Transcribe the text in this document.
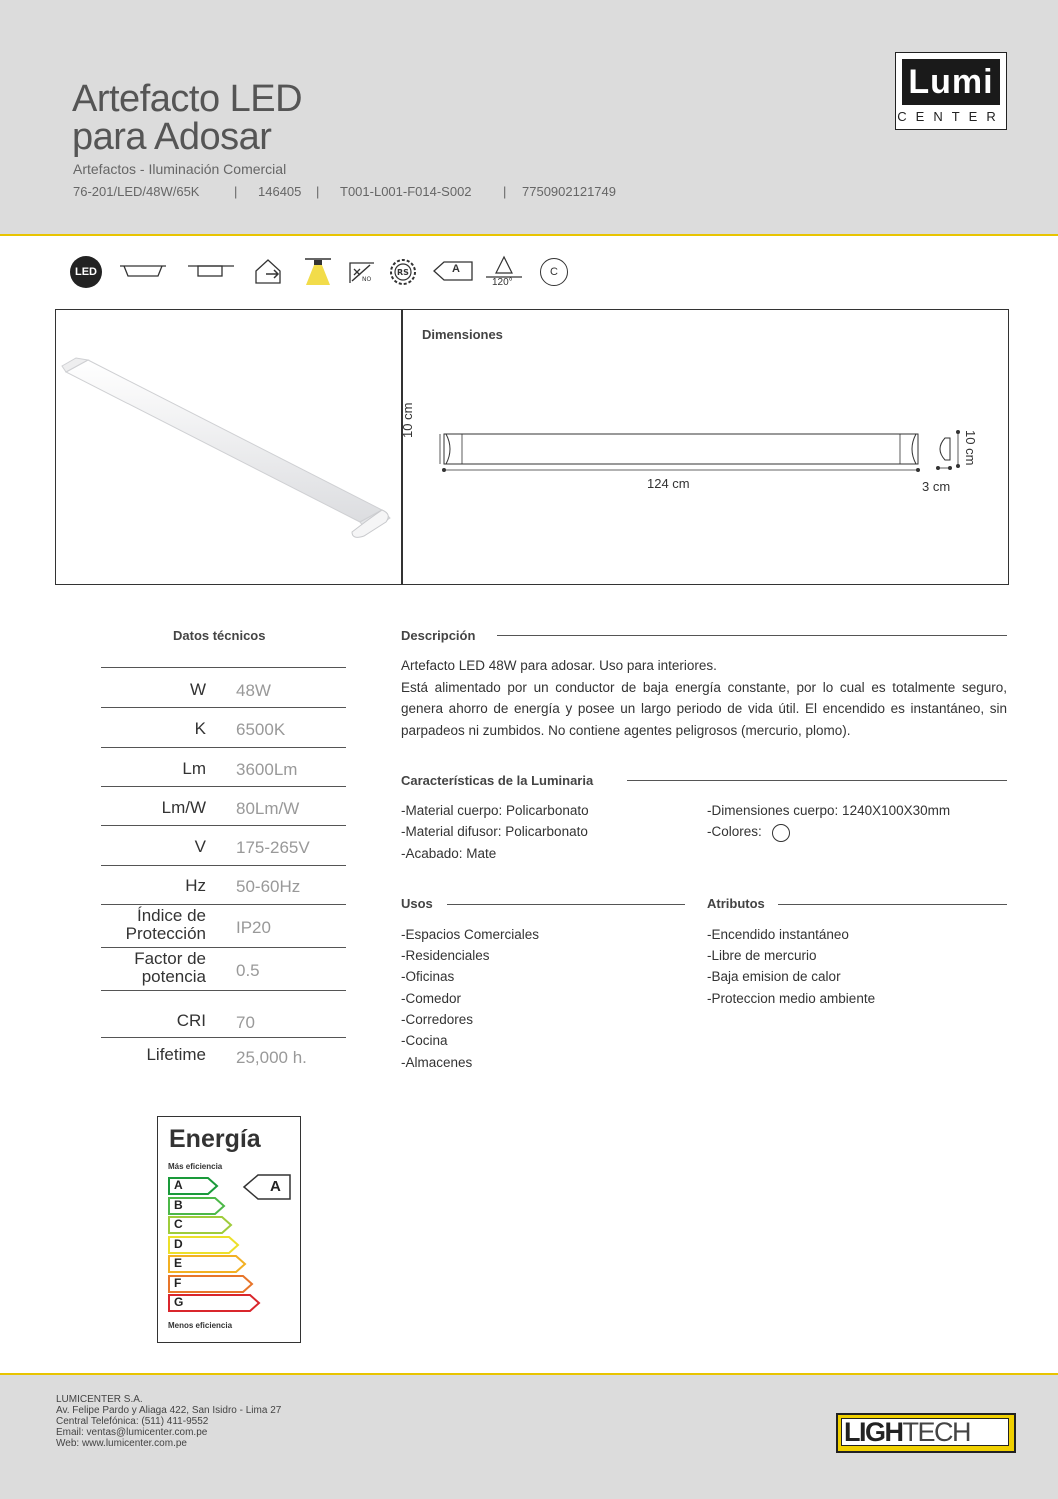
Artefacto LED
para Adosar
Artefactos - Iluminación Comercial
76-201/LED/48W/65K	| 146405 | T001-L001-F014-S002 | 7750902121749
Lumi
CENTER
LED
NO
RS	A
120°
C
Dimensiones
10 cm
124 cm	3 cm
10 cm
Datos técnicos
W 48W
K 6500K
Lm 3600Lm
Lm/W 80Lm/W
V 175-265V
Hz 50-60Hz
Índice de
Protección IP20
Factor de
potencia 0.5
CRI 70
Lifetime 25,000 h.
Descripción
Artefacto LED 48W para adosar. Uso para interiores.
Está alimentado por un conductor de baja energía constante, por lo cual es totalmente seguro, genera ahorro de energía y posee un largo periodo de vida útil. El encendido es instantáneo, sin parpadeos ni zumbidos. No contiene agentes peligrosos (mercurio, plomo).
Características de la Luminaria
-Material cuerpo: Policarbonato
-Material difusor: Policarbonato
-Acabado: Mate
-Dimensiones cuerpo: 1240X100X30mm
-Colores:
Usos
-Espacios Comerciales
-Residenciales
-Oficinas
-Comedor
-Corredores
-Cocina
-Almacenes
Atributos
-Encendido instantáneo
-Libre de mercurio
-Baja emision de calor
-Proteccion medio ambiente
Energía
Más eficiencia
A
B
C
D
E
F
G
A
Menos eficiencia
LUMICENTER S.A.
Av. Felipe Pardo y Aliaga 422, San Isidro - Lima 27
Central Telefónica: (511) 411-9552
Email: ventas@lumicenter.com.pe
Web: www.lumicenter.com.pe	LIGHTECH
